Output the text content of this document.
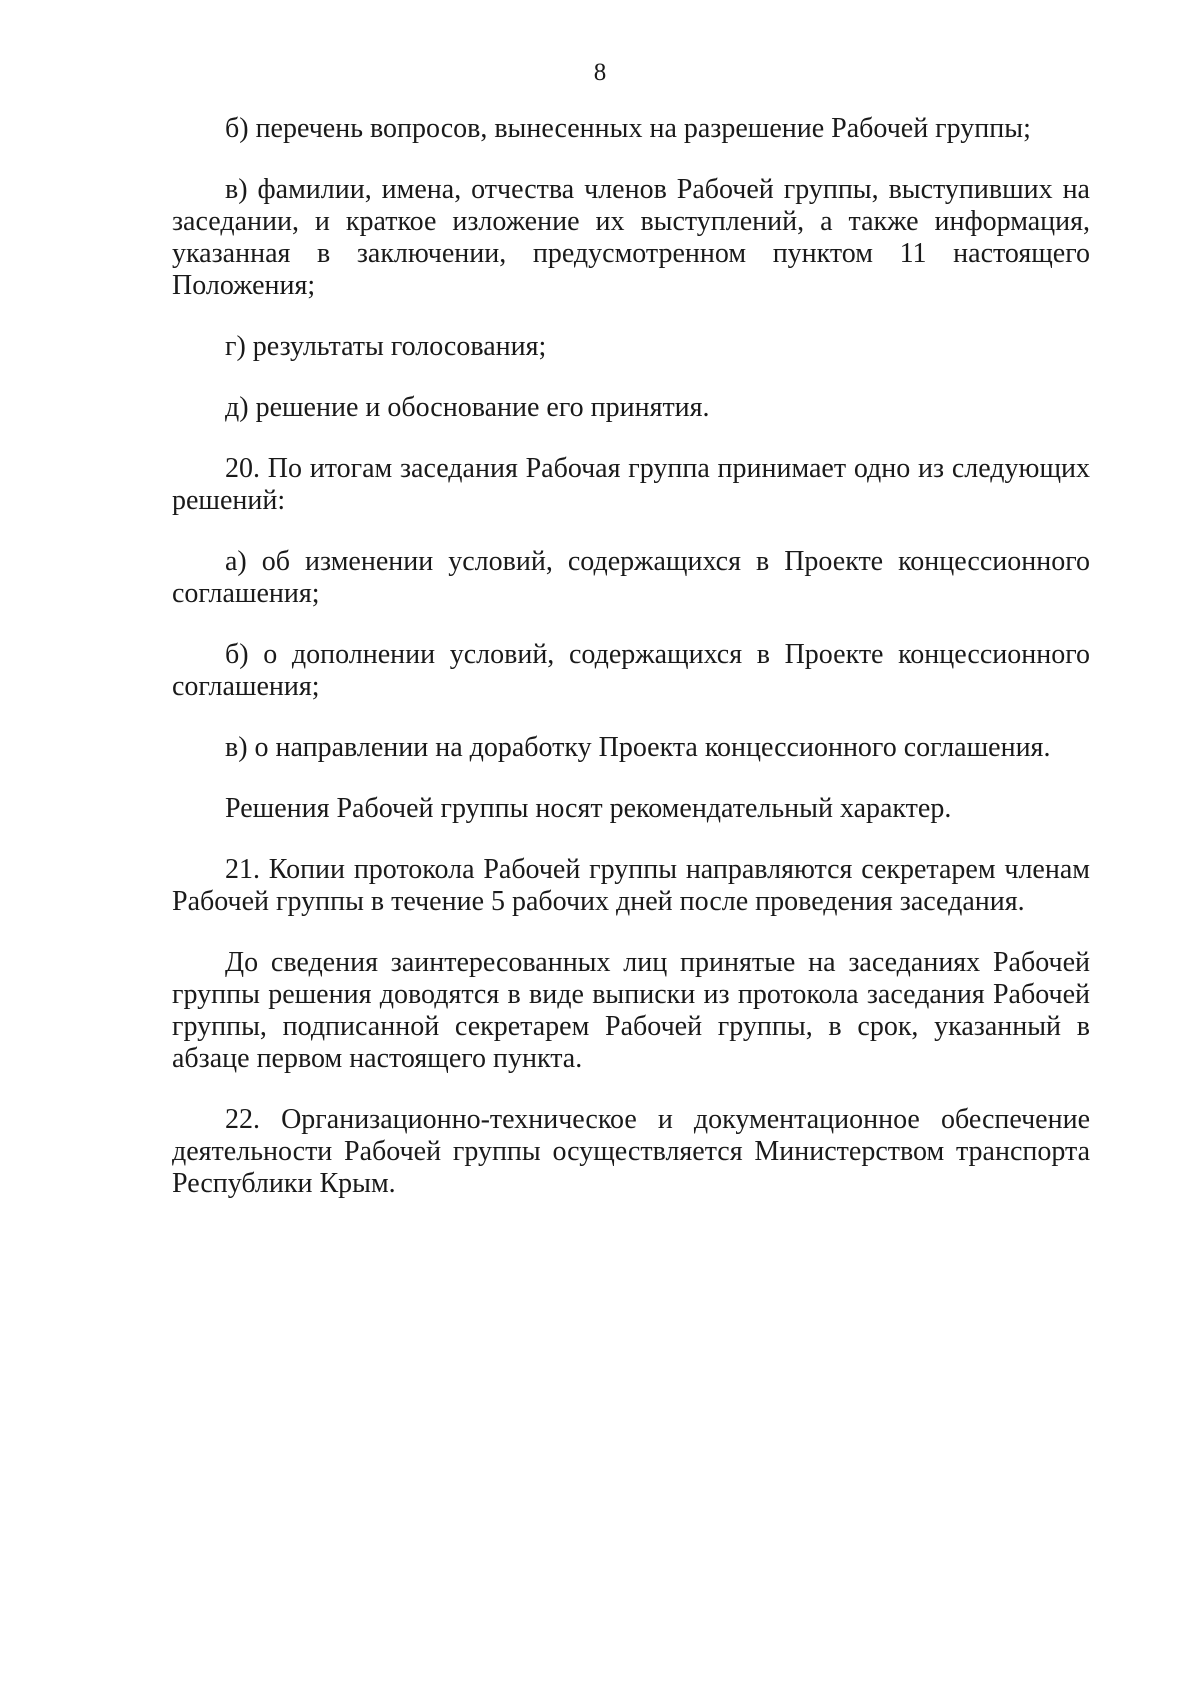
8

б) перечень вопросов, вынесенных на разрешение Рабочей группы;

в) фамилии, имена, отчества членов Рабочей группы, выступивших на заседании, и краткое изложение их выступлений, а также информация, указанная в заключении, предусмотренном пунктом 11 настоящего Положения;

г) результаты голосования;

д) решение и обоснование его принятия.

20. По итогам заседания Рабочая группа принимает одно из следующих решений:

а) об изменении условий, содержащихся в Проекте концессионного соглашения;

б) о дополнении условий, содержащихся в Проекте концессионного соглашения;

в) о направлении на доработку Проекта концессионного соглашения.

Решения Рабочей группы носят рекомендательный характер.

21. Копии протокола Рабочей группы направляются секретарем членам Рабочей группы в течение 5 рабочих дней после проведения заседания.

До сведения заинтересованных лиц принятые на заседаниях Рабочей группы решения доводятся в виде выписки из протокола заседания Рабочей группы, подписанной секретарем Рабочей группы, в срок, указанный в абзаце первом настоящего пункта.

22. Организационно-техническое и документационное обеспечение деятельности Рабочей группы осуществляется Министерством транспорта Республики Крым.
